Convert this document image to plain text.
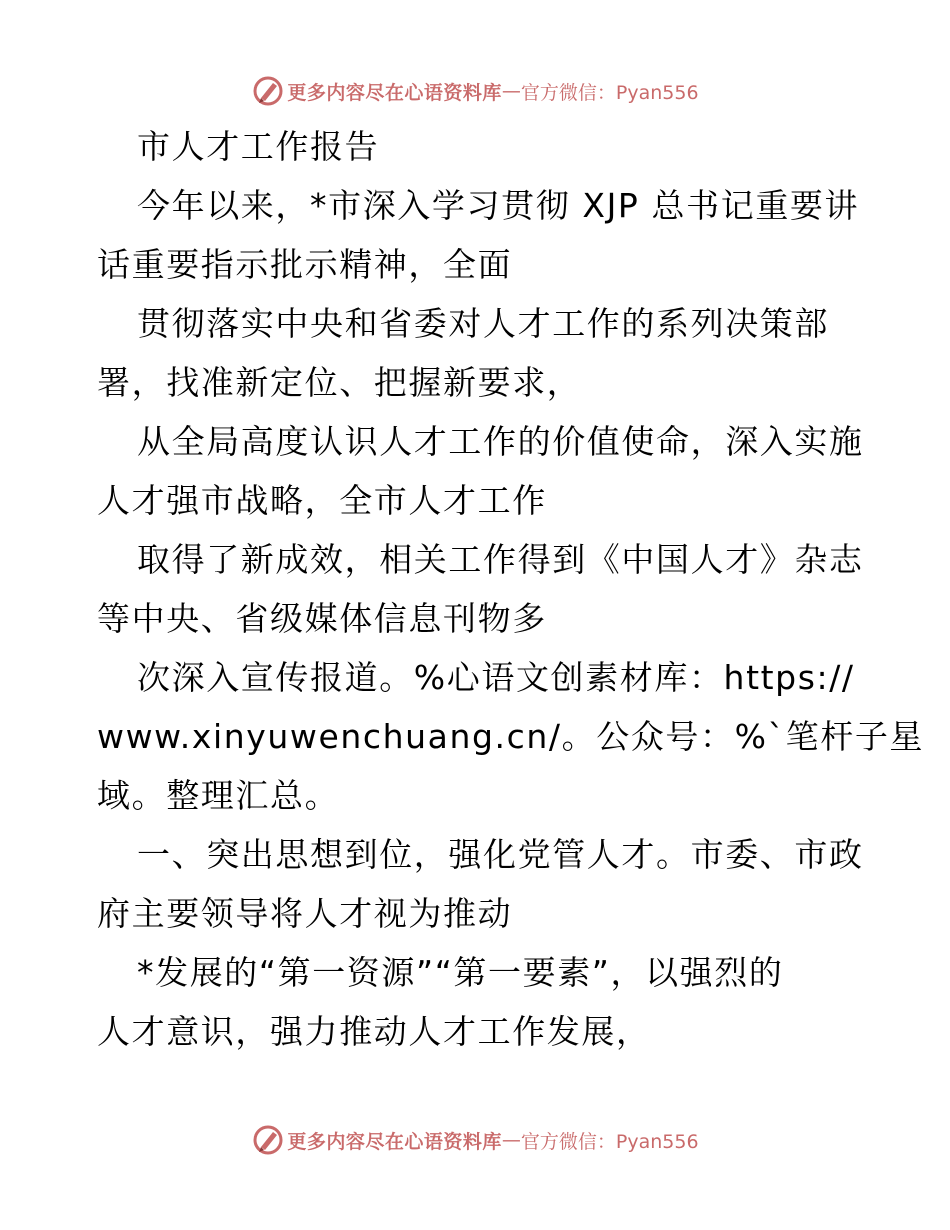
更多内容尽在心语资料库 — 官方微信：Pyan556
市人才工作报告
今年以来，*市深入学习贯彻 XJP 总书记重要讲
话重要指示批示精神，全面
贯彻落实中央和省委对人才工作的系列决策部
署，找准新定位、把握新要求，
从全局高度认识人才工作的价值使命，深入实施
人才强市战略，全市人才工作
取得了新成效，相关工作得到《中国人才》杂志
等中央、省级媒体信息刊物多
次深入宣传报道。%心语文创素材库：https://
www.xinyuwenchuang.cn/。公众号：%`笔杆子星
域。整理汇总。
一、突出思想到位，强化党管人才。市委、市政
府主要领导将人才视为推动
*发展的“第一资源”“第一要素”，以强烈的
人才意识，强力推动人才工作发展，
更多内容尽在心语资料库 — 官方微信：Pyan556
